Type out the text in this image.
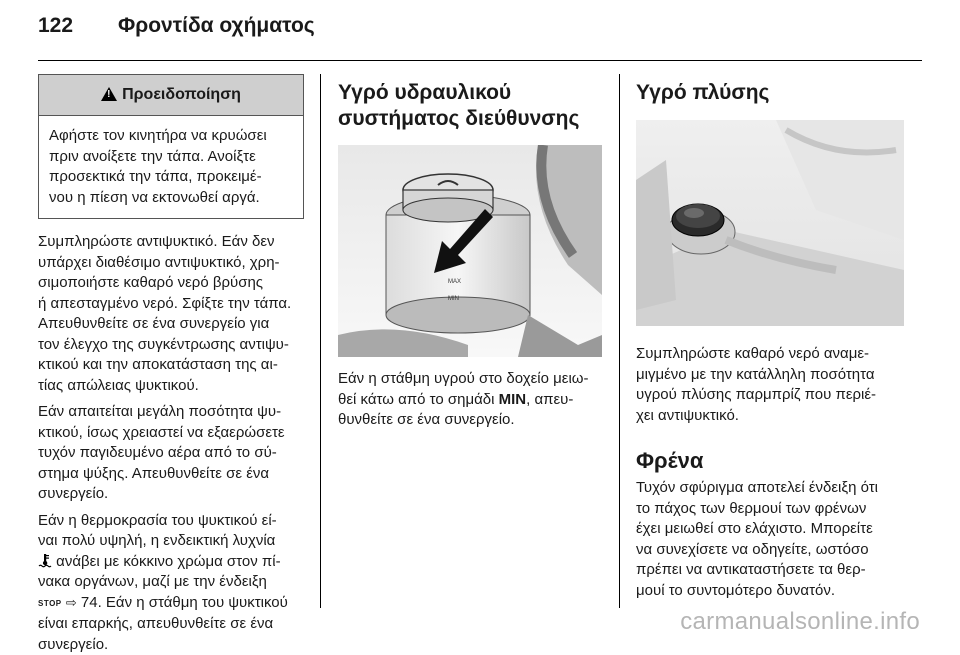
122	Φροντίδα οχήματος
!
Προειδοποίηση
Αφήστε τον κινητήρα να κρυώσει
πριν ανοίξετε την τάπα. Ανοίξτε
προσεκτικά την τάπα, προκειμέ-
νου η πίεση να εκτονωθεί αργά.

Συμπληρώστε αντιψυκτικό. Εάν δεν
υπάρχει διαθέσιμο αντιψυκτικό, χρη-
σιμοποιήστε καθαρό νερό βρύσης
ή απεσταγμένο νερό. Σφίξτε την τάπα.
Απευθυνθείτε σε ένα συνεργείο για
τον έλεγχο της συγκέντρωσης αντιψυ-
κτικού και την αποκατάσταση της αι-
τίας απώλειας ψυκτικού.

Εάν απαιτείται μεγάλη ποσότητα ψυ-
κτικού, ίσως χρειαστεί να εξαερώσετε
τυχόν παγιδευμένο αέρα από το σύ-
στημα ψύξης. Απευθυνθείτε σε ένα
συνεργείο.

Εάν η θερμοκρασία του ψυκτικού εί-
ναι πολύ υψηλή, η ενδεικτική λυχνία
ανάβει με κόκκινο χρώμα στον πί-
νακα οργάνων, μαζί με την ένδειξη
STOP ⇨ 74. Εάν η στάθμη του ψυκτικού
είναι επαρκής, απευθυνθείτε σε ένα
συνεργείο.

Υγρό υδραυλικού
συστήματος διεύθυνσης
MAX
MIN

Εάν η στάθμη υγρού στο δοχείο μειω-
θεί κάτω από το σημάδι MIN, απευ-
θυνθείτε σε ένα συνεργείο.

Υγρό πλύσης

Συμπληρώστε καθαρό νερό αναμε-
μιγμένο με την κατάλληλη ποσότητα
υγρού πλύσης παρμπρίζ που περιέ-
χει αντιψυκτικό.

Φρένα

Τυχόν σφύριγμα αποτελεί ένδειξη ότι
το πάχος των θερμουί των φρένων
έχει μειωθεί στο ελάχιστο. Μπορείτε
να συνεχίσετε να οδηγείτε, ωστόσο
πρέπει να αντικαταστήσετε τα θερ-
μουί το συντομότερο δυνατόν.

carmanualsonline.info
